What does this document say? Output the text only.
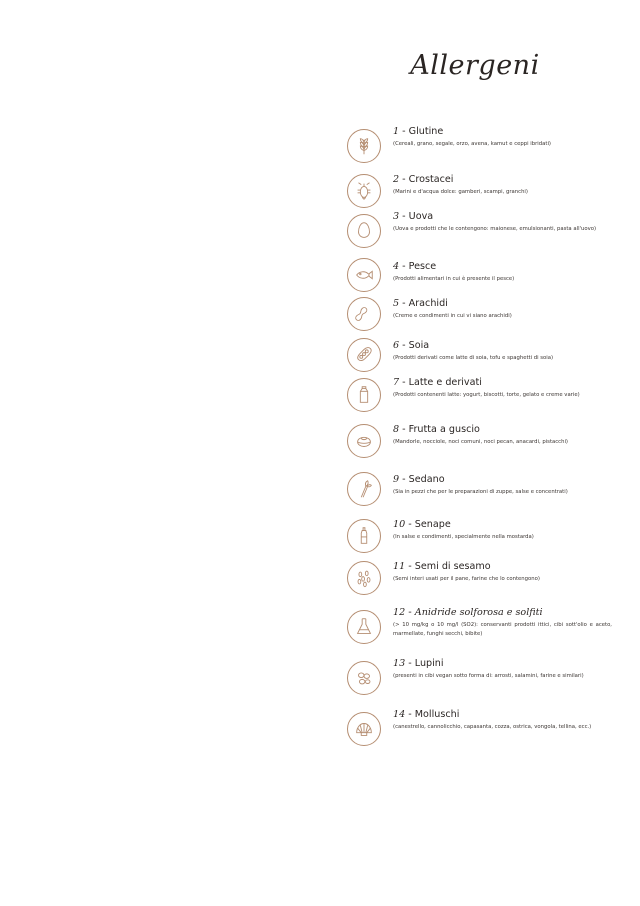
Allergeni
1 - Glutine
(Cereali, grano, segale, orzo, avena, kamut e ceppi ibridati)
2 - Crostacei
(Marini e d'acqua dolce: gamberi, scampi, granchi)
3 - Uova
(Uova e prodotti che le contengono: maionese, emulsionanti, pasta all'uovo)
4 - Pesce
(Prodotti alimentari in cui è presente il pesce)
5 - Arachidi
(Creme e condimenti in cui vi siano arachidi)
6 - Soia
(Prodotti derivati come latte di soia, tofu e spaghetti di soia)
7 - Latte e derivati
(Prodotti contenenti latte: yogurt, biscotti, torte, gelato e creme varie)
8 - Frutta a guscio
(Mandorle, nocciole, noci comuni, noci pecan, anacardi, pistacchi)
9 - Sedano
(Sia in pezzi che per le preparazioni di zuppe, salse e concentrati)
10 - Senape
(In salse e condimenti, specialmente nella mostarda)
11 - Semi di sesamo
(Semi interi usati per il pane, farine che lo contengono)
12 - Anidride solforosa e solfiti
(> 10 mg/kg o 10 mg/l (SO2): conservanti prodotti ittici, cibi sott'olio e aceto, marmellate, funghi secchi, bibite)
13 - Lupini
(presenti in cibi vegan sotto forma di: arrosti, salamini, farine e similari)
14 - Molluschi
(canestrello, cannolicchio, capasanta, cozza, ostrica, vongola, tellina, ecc.)
